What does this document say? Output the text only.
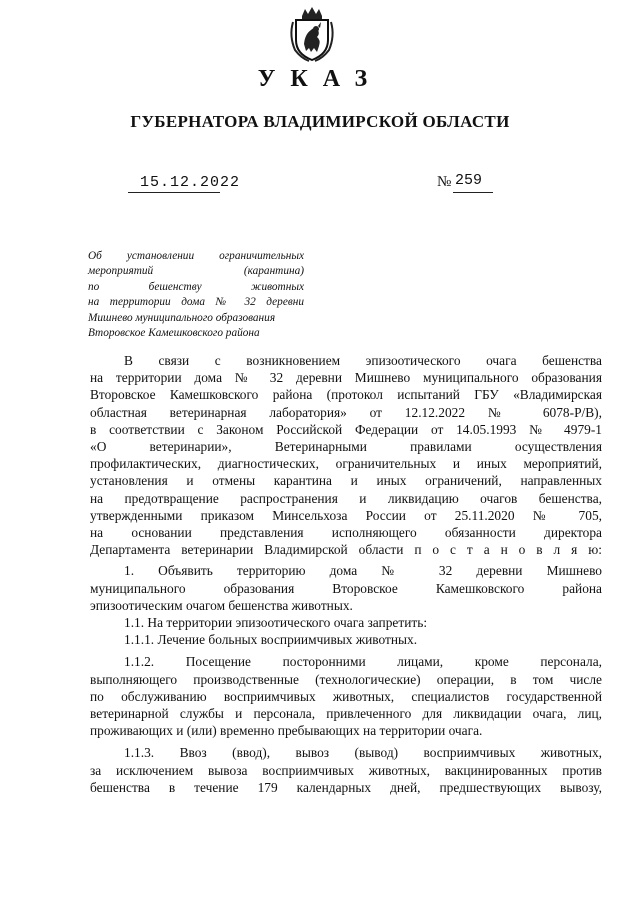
УКАЗ
ГУБЕРНАТОРА ВЛАДИМИРСКОЙ ОБЛАСТИ
15.12.2022	№ 259
Об установлении ограничительных
мероприятий (карантина)
по бешенству животных
на территории дома № 32 деревни
Мишнево муниципального образования
Второвское Камешковского района
В связи с возникновением эпизоотического очага бешенства
на территории дома № 32 деревни Мишнево муниципального образования
Второвское Камешковского района (протокол испытаний ГБУ «Владимирская
областная ветеринарная лаборатория» от 12.12.2022 № 6078-Р/В),
в соответствии с Законом Российской Федерации от 14.05.1993 № 4979-1
«О ветеринарии», Ветеринарными правилами осуществления
профилактических, диагностических, ограничительных и иных мероприятий,
установления и отмены карантина и иных ограничений, направленных
на предотвращение распространения и ликвидацию очагов бешенства,
утвержденными приказом Минсельхоза России от 25.11.2020 № 705,
на основании представления исполняющего обязанности директора
Департамента ветеринарии Владимирской области п о с т а н о в л я ю:
1. Объявить территорию дома № 32 деревни Мишнево
муниципального образования Второвское Камешковского района
эпизоотическим очагом бешенства животных.
1.1. На территории эпизоотического очага запретить:
1.1.1. Лечение больных восприимчивых животных.
1.1.2. Посещение посторонними лицами, кроме персонала,
выполняющего производственные (технологические) операции, в том числе
по обслуживанию восприимчивых животных, специалистов государственной
ветеринарной службы и персонала, привлеченного для ликвидации очага, лиц,
проживающих и (или) временно пребывающих на территории очага.
1.1.3. Ввоз (ввод), вывоз (вывод) восприимчивых животных,
за исключением вывоза восприимчивых животных, вакцинированных против
бешенства в течение 179 календарных дней, предшествующих вывозу,
